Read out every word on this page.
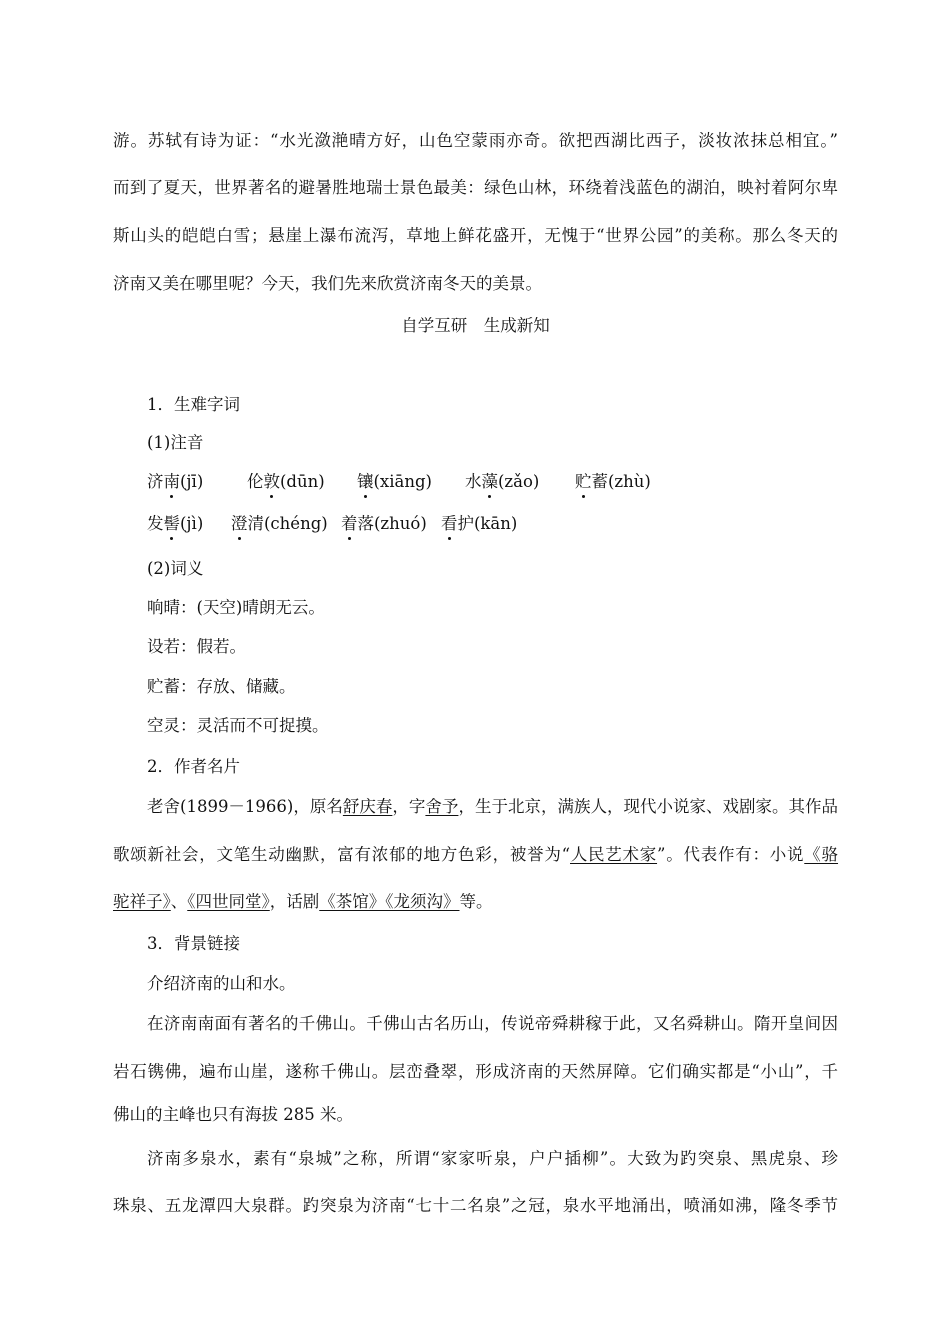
游。苏轼有诗为证：“水光潋滟晴方好，山色空蒙雨亦奇。欲把西湖比西子，淡妆浓抹总相宜。”

而到了夏天，世界著名的避暑胜地瑞士景色最美：绿色山林，环绕着浅蓝色的湖泊，映衬着阿尔卑

斯山头的皑皑白雪；悬崖上瀑布流泻，草地上鲜花盛开，无愧于“世界公园”的美称。那么冬天的

济南又美在哪里呢？今天，我们先来欣赏济南冬天的美景。

自学互研　生成新知

1．生难字词

(1)注音

济南(jī)	伦敦(dūn) 镶(xiāng) 水藻(zǎo) 贮蓄(zhù)
发髻(jì) 澄清(chéng) 着落(zhuó) 看护(kān)

(2)词义

响晴：(天空)晴朗无云。

设若：假若。

贮蓄：存放、储藏。

空灵：灵活而不可捉摸。

2．作者名片

老舍(1899－1966)，原名舒庆春，字舍予，生于北京，满族人，现代小说家、戏剧家。其作品

歌颂新社会，文笔生动幽默，富有浓郁的地方色彩，被誉为“人民艺术家”。代表作有：小说《骆

驼祥子》、《四世同堂》，话剧《茶馆》《龙须沟》等。

3．背景链接

介绍济南的山和水。

在济南南面有著名的千佛山。千佛山古名历山，传说帝舜耕稼于此，又名舜耕山。隋开皇间因

岩石镌佛，遍布山崖，遂称千佛山。层峦叠翠，形成济南的天然屏障。它们确实都是“小山”，千

佛山的主峰也只有海拔 285 米。

济南多泉水，素有“泉城”之称，所谓“家家听泉，户户插柳”。大致为趵突泉、黑虎泉、珍

珠泉、五龙潭四大泉群。趵突泉为济南“七十二名泉”之冠，泉水平地涌出，喷涌如沸，隆冬季节
